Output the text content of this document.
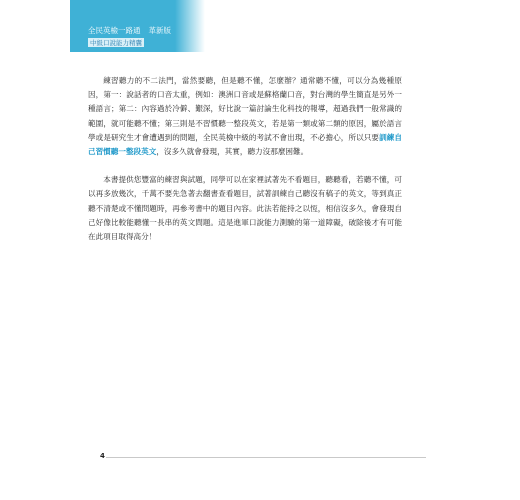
全民英檢一路通 革新版
中級口說能力精囊

練習聽力的不二法門，當然要聽，但是聽不懂，怎麼辦？通常聽不懂，可以分為幾種原因，第一：說話者的口音太重，例如：澳洲口音或是蘇格蘭口音，對台灣的學生簡直是另外一種語言；第二：內容過於冷僻、艱深，好比說一篇討論生化科技的報導，超過我們一般常識的範圍，就可能聽不懂；第三則是不習慣聽一整段英文，若是第一類或第二類的原因，屬於語言學或是研究生才會遭遇到的問題，全民英檢中級的考試不會出現，不必擔心，所以只要訓練自己習慣聽一整段英文，沒多久就會發現，其實，聽力沒那麼困難。

本書提供您豐富的練習與試題，同學可以在家裡試著先不看題目，聽聽看，若聽不懂，可以再多放幾次，千萬不要先急著去翻書查看題目，試著訓練自己聽沒有稿子的英文，等到真正聽不清楚或不懂問題時，再參考書中的題目內容。此法若能持之以恆，相信沒多久，會發現自己好像比較能聽懂一長串的英文問題。這是進軍口說能力測驗的第一道障礙，破除後才有可能在此項目取得高分！

4
